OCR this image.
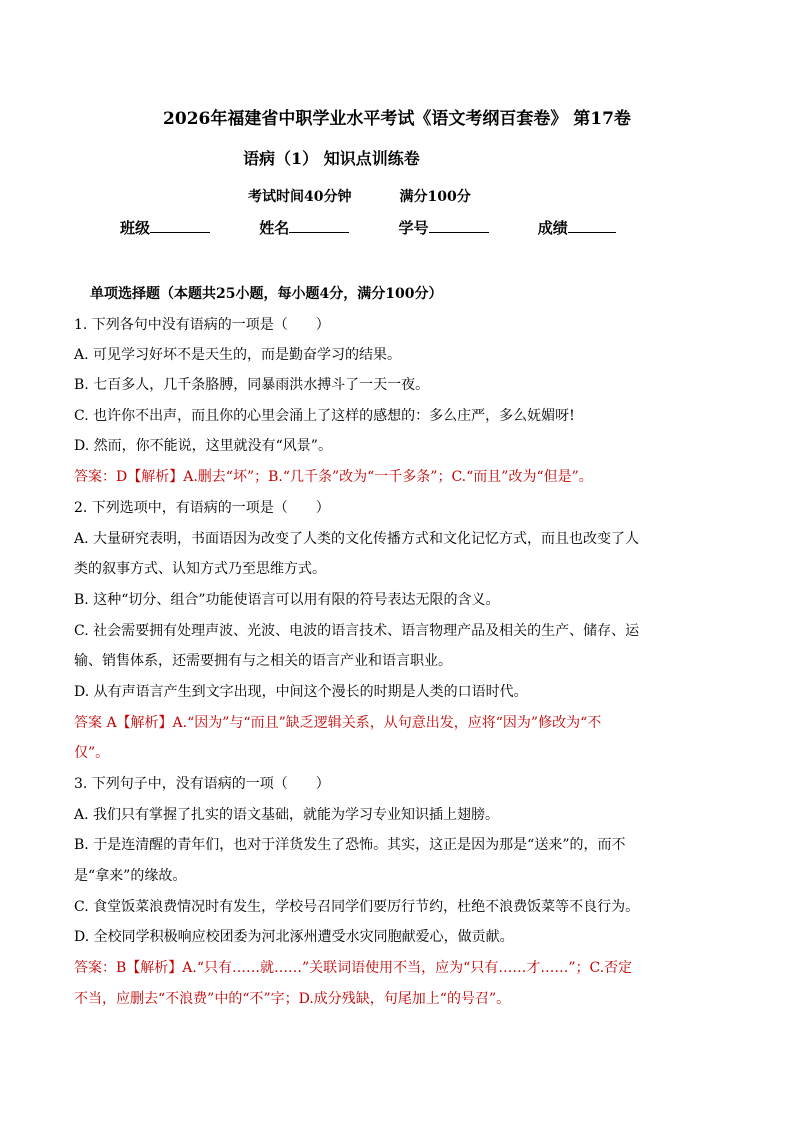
2026年福建省中职学业水平考试《语文考纲百套卷》 第17卷
语病（1） 知识点训练卷
考试时间40分钟	满分100分
班级	姓名	学号	成绩
单项选择题（本题共25小题，每小题4分，满分100分）
1. 下列各句中没有语病的一项是（　　）
A. 可见学习好坏不是天生的，而是勤奋学习的结果。
B. 七百多人，几千条胳膊，同暴雨洪水搏斗了一天一夜。
C. 也许你不出声，而且你的心里会涌上了这样的感想的：多么庄严，多么妩媚呀!
D. 然而，你不能说，这里就没有“风景”。
答案：D【解析】A.删去“坏”；B.“几千条”改为“一千多条”；C.“而且”改为“但是”。
2. 下列选项中，有语病的一项是（　　）
A. 大量研究表明，书面语因为改变了人类的文化传播方式和文化记忆方式，而且也改变了人
类的叙事方式、认知方式乃至思维方式。
B. 这种“切分、组合”功能使语言可以用有限的符号表达无限的含义。
C. 社会需要拥有处理声波、光波、电波的语言技术、语言物理产品及相关的生产、储存、运
输、销售体系，还需要拥有与之相关的语言产业和语言职业。
D. 从有声语言产生到文字出现，中间这个漫长的时期是人类的口语时代。
答案 A【解析】A.“因为”与“而且”缺乏逻辑关系，从句意出发，应将“因为”修改为“不
仅”。
3. 下列句子中，没有语病的一项（　　）
A. 我们只有掌握了扎实的语文基础，就能为学习专业知识插上翅膀。
B. 于是连清醒的青年们，也对于洋货发生了恐怖。其实，这正是因为那是“送来”的，而不
是“拿来”的缘故。
C. 食堂饭菜浪费情况时有发生，学校号召同学们要厉行节约，杜绝不浪费饭菜等不良行为。
D. 全校同学积极响应校团委为河北涿州遭受水灾同胞献爱心，做贡献。
答案：B【解析】A.“只有……就……”关联词语使用不当，应为“只有……才……”；C.否定
不当，应删去“不浪费”中的“不”字；D.成分残缺，句尾加上“的号召”。
